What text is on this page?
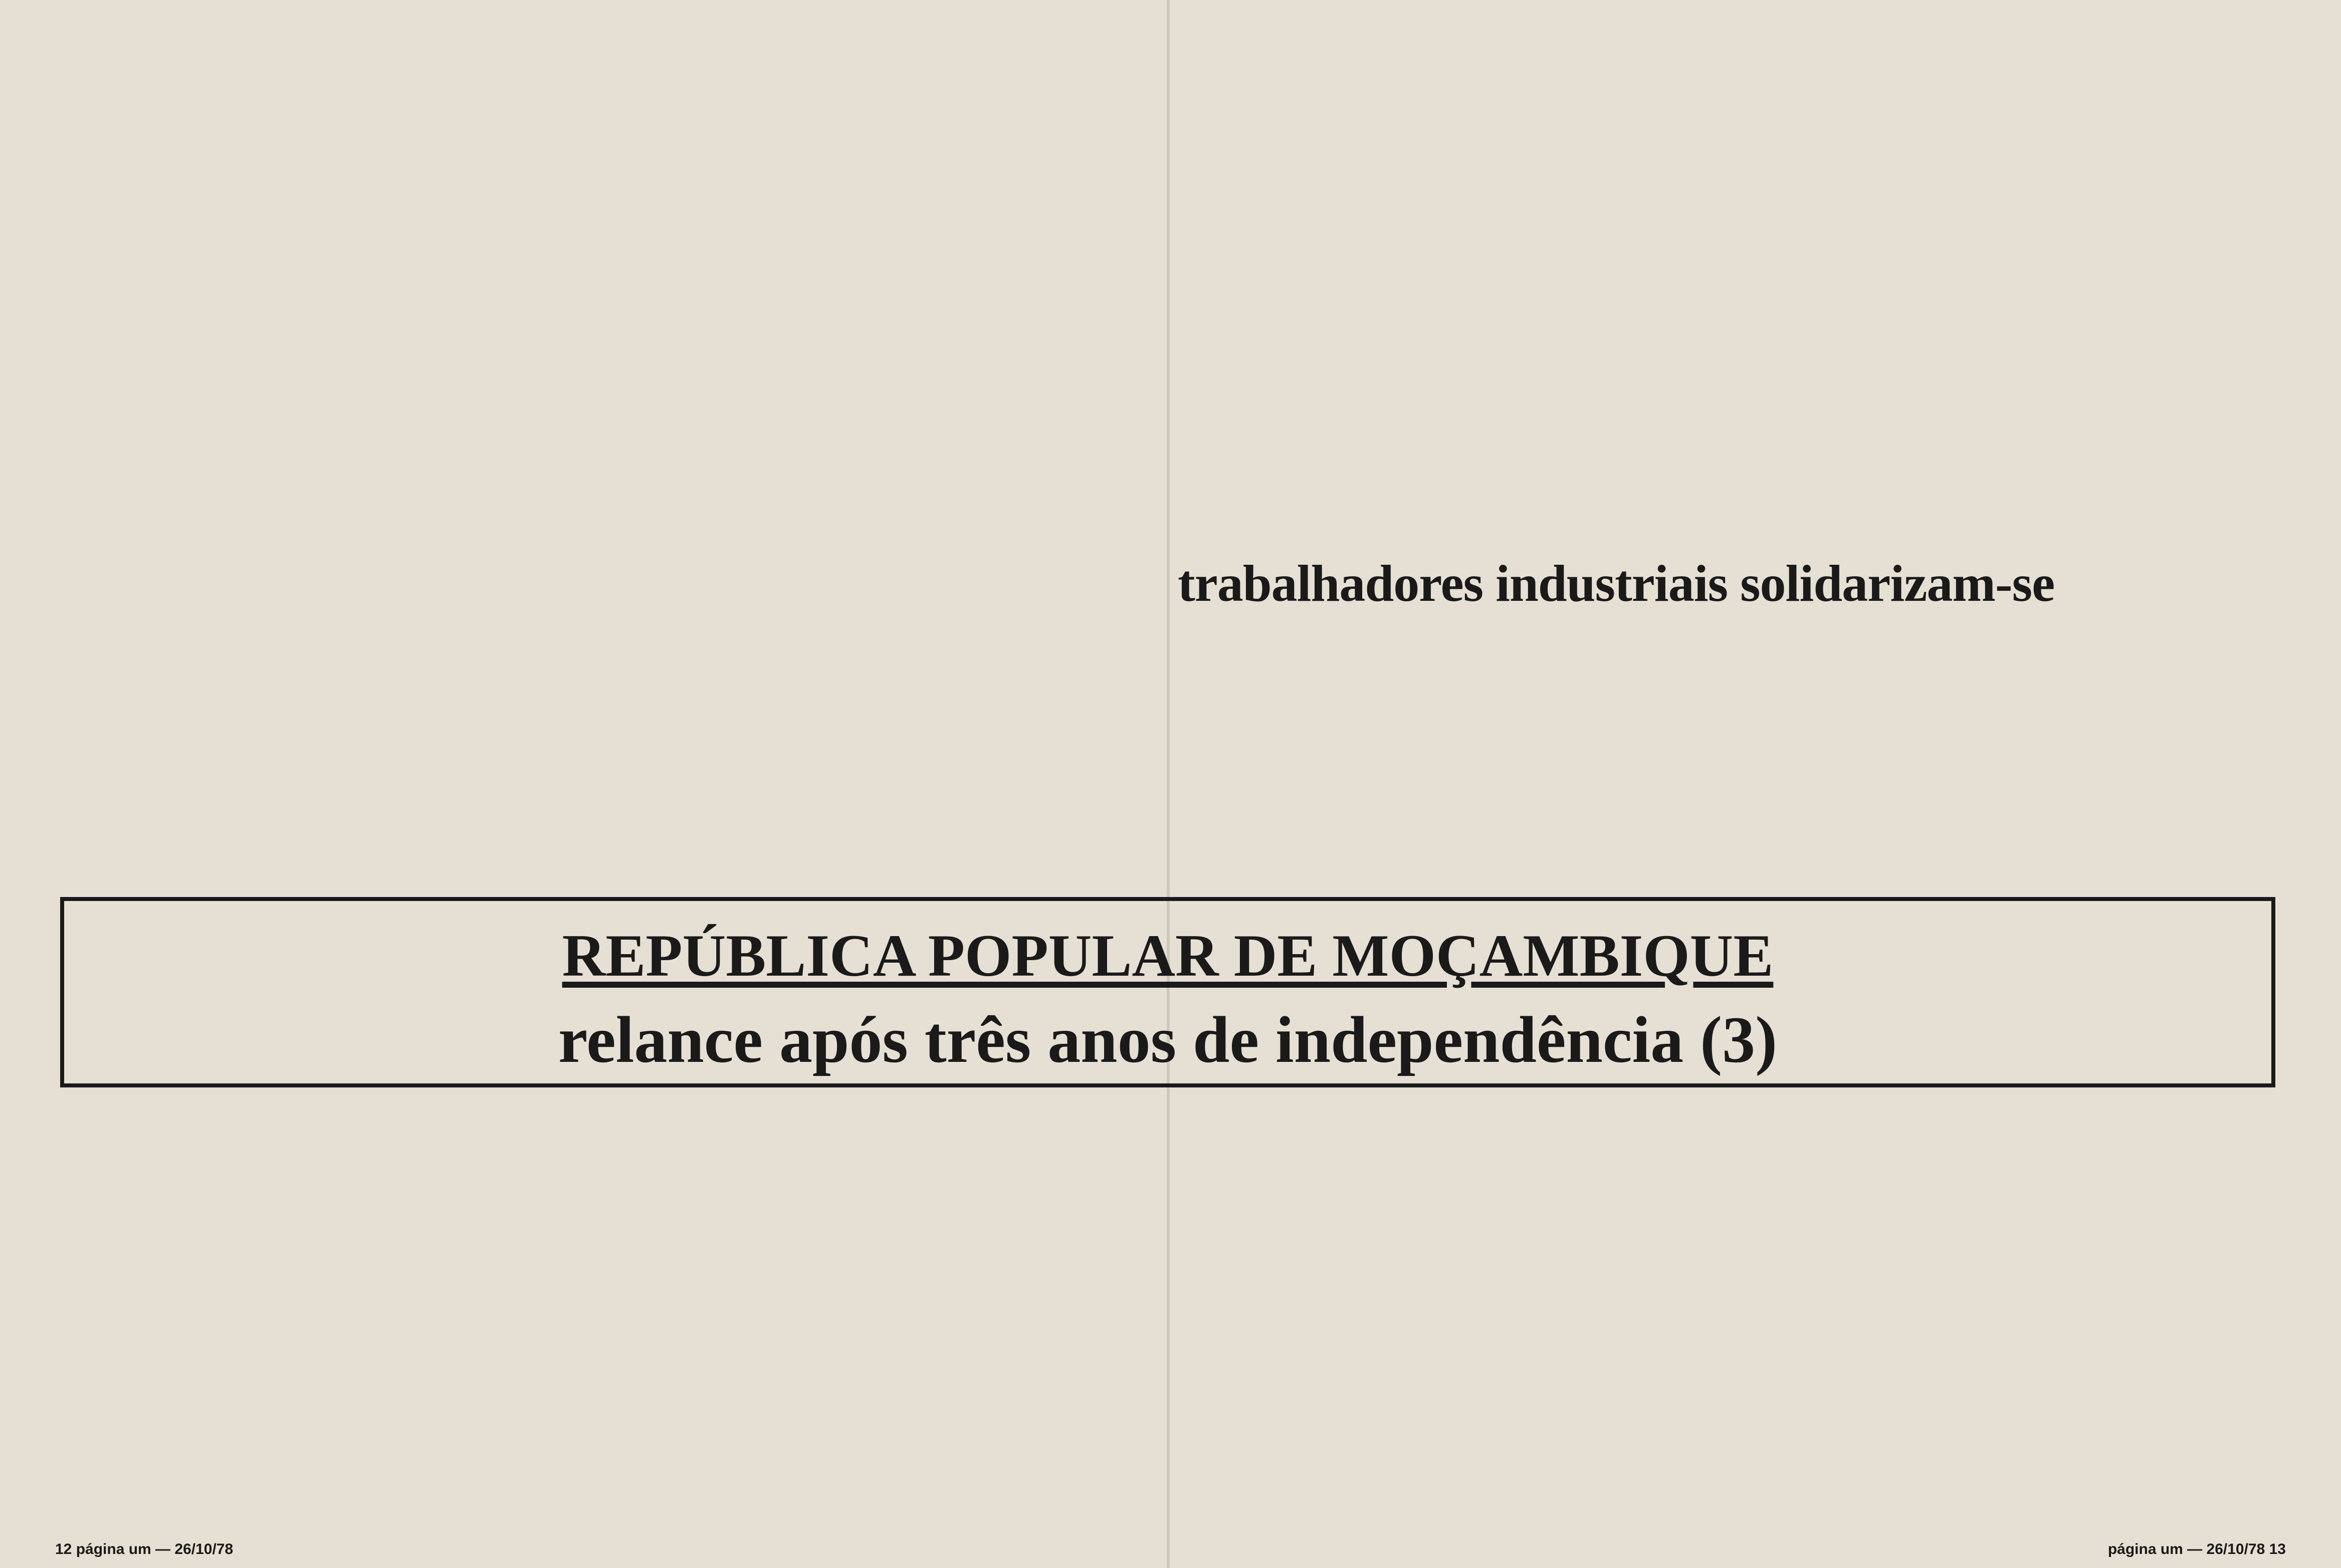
trabalhadores industriais solidarizam-se
REPÚBLICA POPULAR DE MOÇAMBIQUE
relance após três anos de independência (3)
12 página um — 26/10/78	página um — 26/10/78 13
